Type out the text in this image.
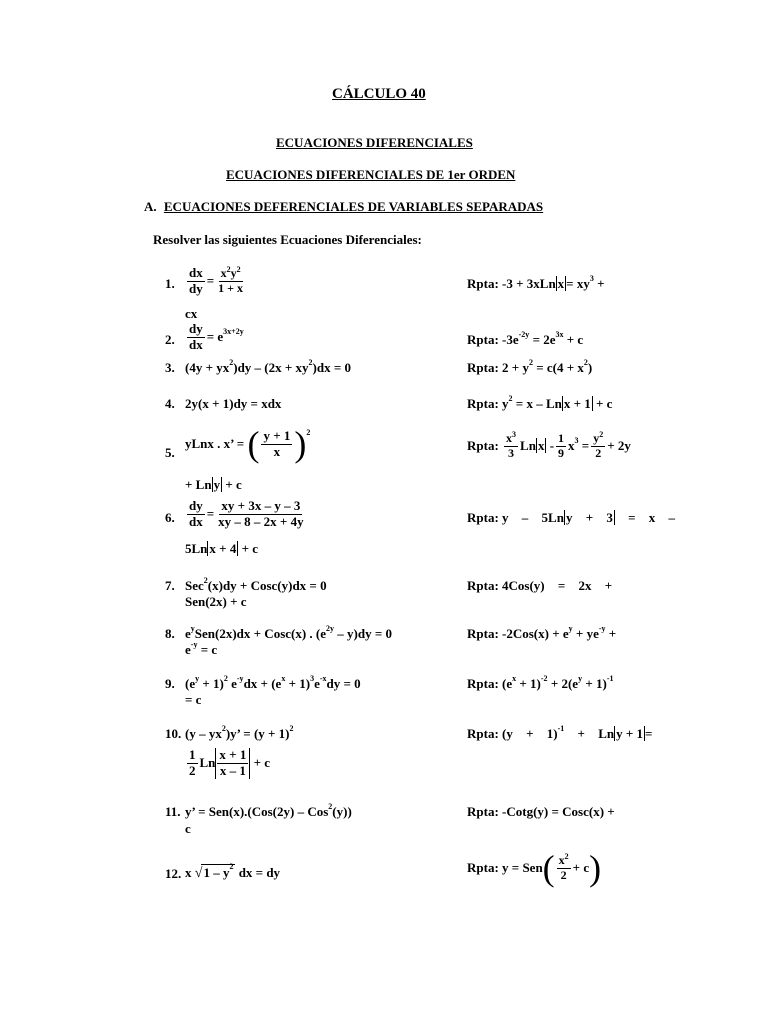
CÁLCULO 40
ECUACIONES DIFERENCIALES
ECUACIONES DIFERENCIALES DE 1er ORDEN
A. ECUACIONES DEFERENCIALES DE VARIABLES SEPARADAS
Resolver las siguientes Ecuaciones Diferenciales:
1. $\frac{dx}{dy} = \frac{x^2y^2}{1 + x}$	Rpta: -3 + 3xLn $x = xy^3$ +
cx
2. $\frac{dy}{dx} = e^{3x+2y}$
Rpta: $-3e^{-2y} = 2e^{3x} + c$
3. $(4y + yx^2)dy - (2x + xy^2)dx = 0$	Rpta: $2 + y^2 = c(4 + x^2)$
4. 2y(x + 1)dy = xdx	Rpta: $y^2 = x - Ln$ x + 1 + c
5.
yLnx . x’ = ( $\frac{y + 1}{x} )^2$
Rpta:
$\frac{x^3}{3}$ Ln $x - \frac{1}{9} x^3 = \frac{y^2}{2} + 2y$
+ Ln y + c
6. $\frac{dy}{dx} = \frac{xy + 3x - y - 3}{xy - 8 - 2x + 4y}$	Rpta: y – 5Ln y + 3 = x –
5Ln x + 4 + c
7. Sec$^2$(x)dy + Cosc(y)dx = 0	Rpta: 4Cos(y) = 2x +
Sen(2x) + c
8. $e^ySen(2x)dx$ + Cosc(x) . $(e^{2y} - y)dy = 0$	Rpta: $-2Cos(x) + e^y + ye^{-y}$ +
$e^{-y} = c$
9. $(e^y + 1)^2$ $e^{-y}dx + (e^x + 1)^3e^{-x}dy = 0$	Rpta: $(e^x + 1)^{-2} + 2(e^y + 1)^{-1}$
= c
10. $(y - yx^2)y$’ = $(y + 1)^2$	Rpta: $(y + 1)^{-1} + Ln$ y + 1 =
$\frac{1}{2}$ Ln $\frac{x + 1}{x - 1} + c$
11. y’ = Sen(x).(Cos(2y) – Cos$^2$(y))	Rpta: -Cotg(y) = Cosc(x) +
c
12. x $√1 - y^2$ dx = dy	Rpta: y = Sen ( $\frac{x^2}{2} + c$ )
